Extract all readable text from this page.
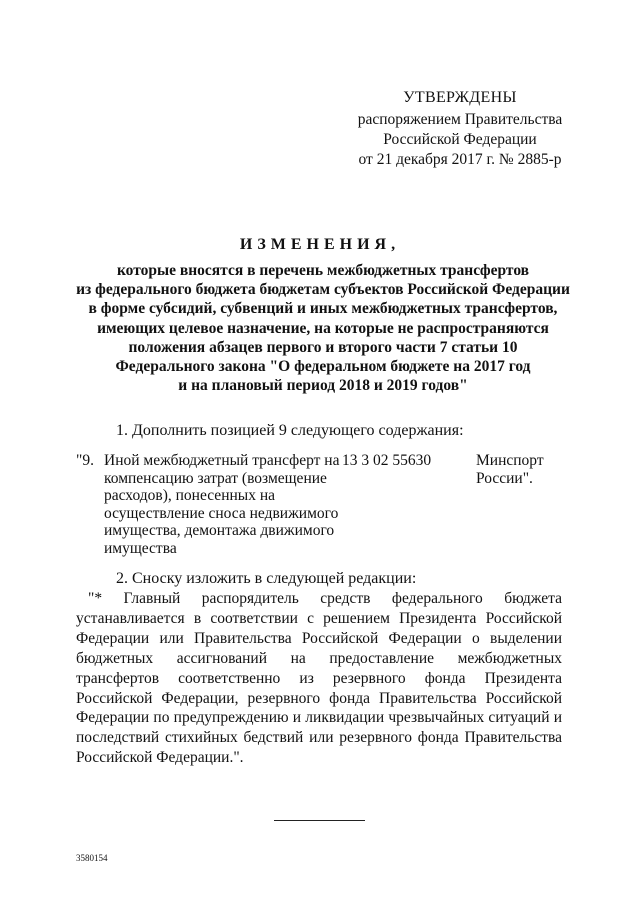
УТВЕРЖДЕНЫ
распоряжением Правительства
Российской Федерации
от 21 декабря 2017 г. № 2885-р
ИЗМЕНЕНИЯ,
которые вносятся в перечень межбюджетных трансфертов
из федерального бюджета бюджетам субъектов Российской Федерации
в форме субсидий, субвенций и иных межбюджетных трансфертов,
имеющих целевое назначение, на которые не распространяются
положения абзацев первого и второго части 7 статьи 10
Федерального закона "О федеральном бюджете на 2017 год
и на плановый период 2018 и 2019 годов"
1. Дополнить позицией 9 следующего содержания:
"9. Иной межбюджетный трансферт на компенсацию затрат (возмещение расходов), понесенных на осуществление сноса недвижимого имущества, демонтажа движимого имущества
13 3 02 55630	Минспорт России".
2. Сноску изложить в следующей редакции:

"* Главный распорядитель средств федерального бюджета устанавливается в соответствии с решением Президента Российской Федерации или Правительства Российской Федерации о выделении бюджетных ассигнований на предоставление межбюджетных трансфертов соответственно из резервного фонда Президента Российской Федерации, резервного фонда Правительства Российской Федерации по предупреждению и ликвидации чрезвычайных ситуаций и последствий стихийных бедствий или резервного фонда Правительства Российской Федерации.".

3580154
